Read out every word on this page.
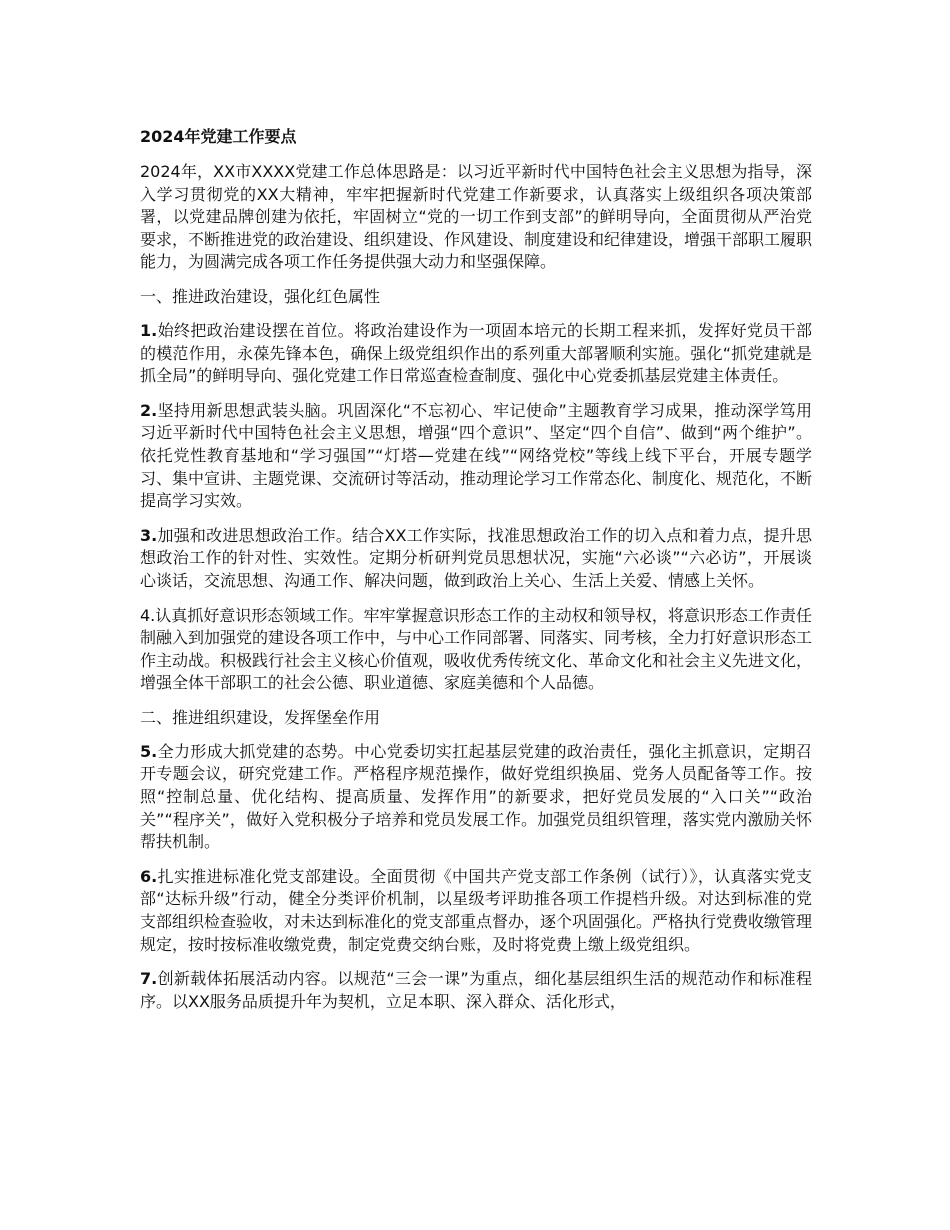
2024年党建工作要点

2024年，XX市XXXX党建工作总体思路是：以习近平新时代中国特色社会主义思想为指导，深入学习贯彻党的XX大精神，牢牢把握新时代党建工作新要求，认真落实上级组织各项决策部署，以党建品牌创建为依托，牢固树立“党的一切工作到支部”的鲜明导向，全面贯彻从严治党要求，不断推进党的政治建设、组织建设、作风建设、制度建设和纪律建设，增强干部职工履职能力，为圆满完成各项工作任务提供强大动力和坚强保障。

一、推进政治建设，强化红色属性

1.始终把政治建设摆在首位。将政治建设作为一项固本培元的长期工程来抓，发挥好党员干部的模范作用，永葆先锋本色，确保上级党组织作出的系列重大部署顺利实施。强化“抓党建就是抓全局”的鲜明导向、强化党建工作日常巡查检查制度、强化中心党委抓基层党建主体责任。

2.坚持用新思想武装头脑。巩固深化“不忘初心、牢记使命”主题教育学习成果，推动深学笃用习近平新时代中国特色社会主义思想，增强“四个意识”、坚定“四个自信”、做到“两个维护”。依托党性教育基地和“学习强国”“灯塔—党建在线”“网络党校”等线上线下平台，开展专题学习、集中宣讲、主题党课、交流研讨等活动，推动理论学习工作常态化、制度化、规范化，不断提高学习实效。

3.加强和改进思想政治工作。结合XX工作实际，找准思想政治工作的切入点和着力点，提升思想政治工作的针对性、实效性。定期分析研判党员思想状况，实施“六必谈”“六必访”，开展谈心谈话，交流思想、沟通工作、解决问题，做到政治上关心、生活上关爱、情感上关怀。

4.认真抓好意识形态领域工作。牢牢掌握意识形态工作的主动权和领导权，将意识形态工作责任制融入到加强党的建设各项工作中，与中心工作同部署、同落实、同考核，全力打好意识形态工作主动战。积极践行社会主义核心价值观，吸收优秀传统文化、革命文化和社会主义先进文化，增强全体干部职工的社会公德、职业道德、家庭美德和个人品德。

二、推进组织建设，发挥堡垒作用

5.全力形成大抓党建的态势。中心党委切实扛起基层党建的政治责任，强化主抓意识，定期召开专题会议，研究党建工作。严格程序规范操作，做好党组织换届、党务人员配备等工作。按照“控制总量、优化结构、提高质量、发挥作用”的新要求，把好党员发展的“入口关”“政治关”“程序关”，做好入党积极分子培养和党员发展工作。加强党员组织管理，落实党内激励关怀帮扶机制。

6.扎实推进标准化党支部建设。全面贯彻《中国共产党支部工作条例（试行）》，认真落实党支部“达标升级”行动，健全分类评价机制，以星级考评助推各项工作提档升级。对达到标准的党支部组织检查验收，对未达到标准化的党支部重点督办，逐个巩固强化。严格执行党费收缴管理规定，按时按标准收缴党费，制定党费交纳台账，及时将党费上缴上级党组织。

7.创新载体拓展活动内容。以规范“三会一课”为重点，细化基层组织生活的规范动作和标准程序。以XX服务品质提升年为契机，立足本职、深入群众、活化形式，
